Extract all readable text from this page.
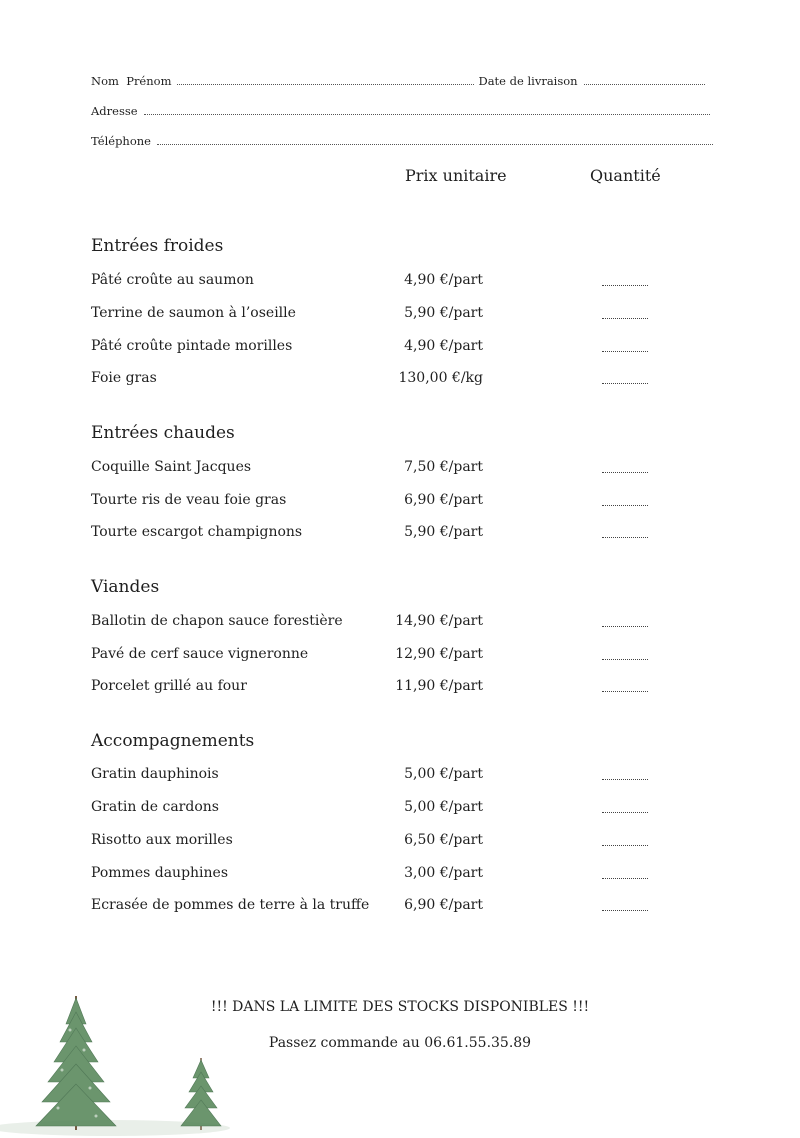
Nom  Prénom	Date de livraison
Adresse
Téléphone
Prix unitaire	Quantité
Entrées froides
Pâté croûte au saumon	4,90 €/part
Terrine de saumon à l’oseille	5,90 €/part
Pâté croûte pintade morilles	4,90 €/part
Foie gras	130,00 €/kg
Entrées chaudes
Coquille Saint Jacques	7,50 €/part
Tourte ris de veau foie gras	6,90 €/part
Tourte escargot champignons	5,90 €/part
Viandes
Ballotin de chapon sauce forestière	14,90 €/part
Pavé de cerf sauce vigneronne	12,90 €/part
Porcelet grillé au four	11,90 €/part
Accompagnements
Gratin dauphinois	5,00 €/part
Gratin de cardons	5,00 €/part
Risotto aux morilles	6,50 €/part
Pommes dauphines	3,00 €/part
Ecrasée de pommes de terre à la truffe	6,90 €/part
!!! DANS LA LIMITE DES STOCKS DISPONIBLES !!!
Passez commande au 06.61.55.35.89
